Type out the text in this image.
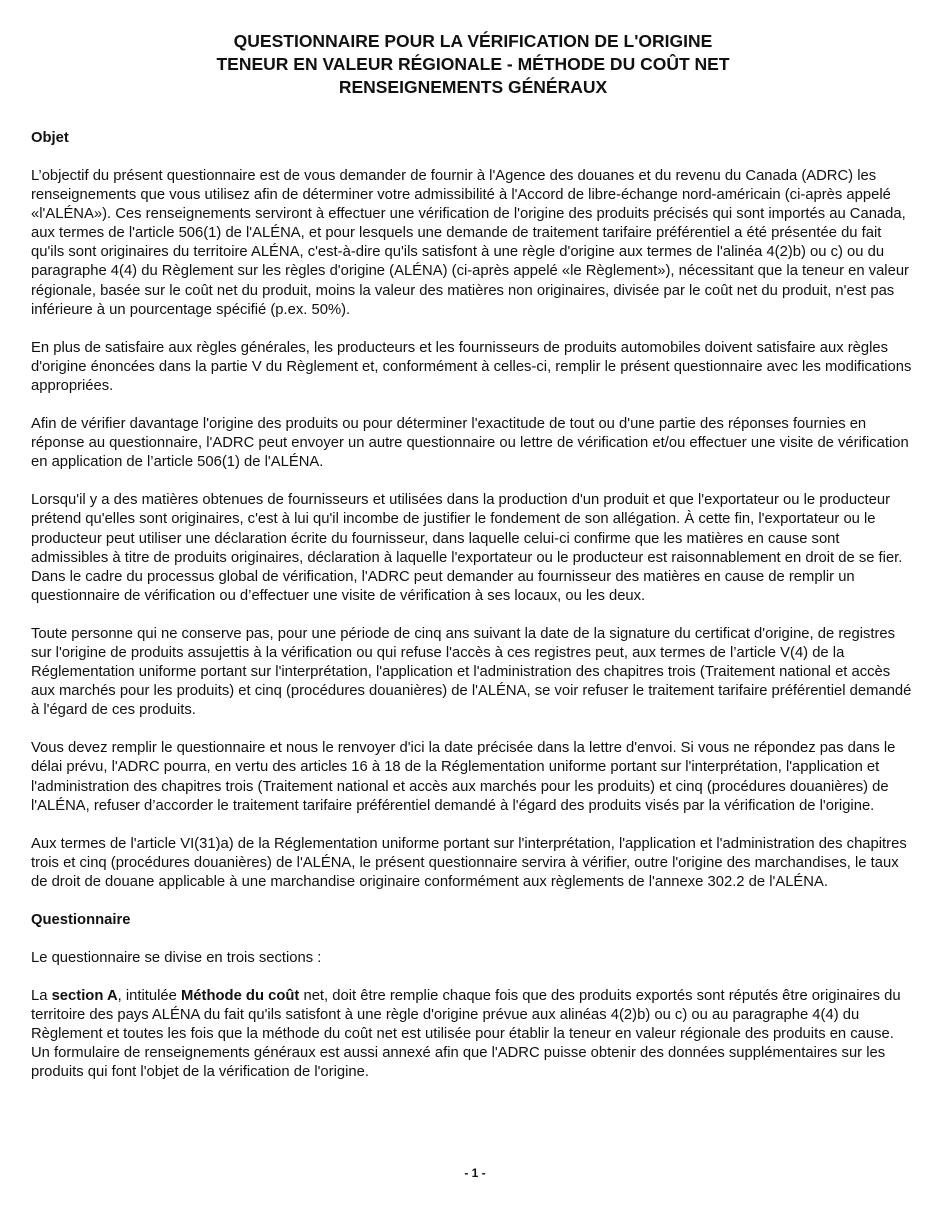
QUESTIONNAIRE POUR LA VÉRIFICATION DE L'ORIGINE
TENEUR EN VALEUR RÉGIONALE - MÉTHODE DU COÛT NET
RENSEIGNEMENTS GÉNÉRAUX
Objet

L’objectif du présent questionnaire est de vous demander de fournir à l'Agence des douanes et du revenu du Canada (ADRC) les renseignements que vous utilisez afin de déterminer votre admissibilité à l'Accord de libre-échange nord-américain (ci-après appelé «l'ALÉNA»). Ces renseignements serviront à effectuer une vérification de l'origine des produits précisés qui sont importés au Canada, aux termes de l'article 506(1) de l'ALÉNA, et pour lesquels une demande de traitement tarifaire préférentiel a été présentée du fait qu'ils sont originaires du territoire ALÉNA, c'est-à-dire qu'ils satisfont à une règle d'origine aux termes de l'alinéa 4(2)b) ou c) ou du paragraphe 4(4) du Règlement sur les règles d'origine (ALÉNA) (ci-après appelé «le Règlement»), nécessitant que la teneur en valeur régionale, basée sur le coût net du produit, moins la valeur des matières non originaires, divisée par le coût net du produit, n'est pas inférieure à un pourcentage spécifié (p.ex. 50%).

En plus de satisfaire aux règles générales, les producteurs et les fournisseurs de produits automobiles doivent satisfaire aux règles d'origine énoncées dans la partie V du Règlement et, conformément à celles-ci, remplir le présent questionnaire avec les modifications appropriées.

Afin de vérifier davantage l'origine des produits ou pour déterminer l'exactitude de tout ou d'une partie des réponses fournies en réponse au questionnaire, l'ADRC peut envoyer un autre questionnaire ou lettre de vérification et/ou effectuer une visite de vérification en application de l’article 506(1) de l'ALÉNA.

Lorsqu'il y a des matières obtenues de fournisseurs et utilisées dans la production d'un produit et que l'exportateur ou le producteur prétend qu'elles sont originaires, c'est à lui qu'il incombe de justifier le fondement de son allégation. À cette fin, l'exportateur ou le producteur peut utiliser une déclaration écrite du fournisseur, dans laquelle celui-ci confirme que les matières en cause sont admissibles à titre de produits originaires, déclaration à laquelle l'exportateur ou le producteur est raisonnablement en droit de se fier. Dans le cadre du processus global de vérification, l'ADRC peut demander au fournisseur des matières en cause de remplir un questionnaire de vérification ou d’effectuer une visite de vérification à ses locaux, ou les deux.

Toute personne qui ne conserve pas, pour une période de cinq ans suivant la date de la signature du certificat d'origine, de registres sur l'origine de produits assujettis à la vérification ou qui refuse l'accès à ces registres peut, aux termes de l’article V(4) de la Réglementation uniforme portant sur l'interprétation, l'application et l'administration des chapitres trois (Traitement national et accès aux marchés pour les produits) et cinq (procédures douanières) de l'ALÉNA, se voir refuser le traitement tarifaire préférentiel demandé à l'égard de ces produits.

Vous devez remplir le questionnaire et nous le renvoyer d'ici la date précisée dans la lettre d'envoi. Si vous ne répondez pas dans le délai prévu, l'ADRC pourra, en vertu des articles 16 à 18 de la Réglementation uniforme portant sur l'interprétation, l'application et l'administration des chapitres trois (Traitement national et accès aux marchés pour les produits) et cinq (procédures douanières) de l'ALÉNA, refuser d’accorder le traitement tarifaire préférentiel demandé à l'égard des produits visés par la vérification de l'origine.

Aux termes de l'article VI(31)a) de la Réglementation uniforme portant sur l'interprétation, l'application et l'administration des chapitres trois et cinq (procédures douanières) de l'ALÉNA, le présent questionnaire servira à vérifier, outre l'origine des marchandises, le taux de droit de douane applicable à une marchandise originaire conformément aux règlements de l'annexe 302.2 de l'ALÉNA.

Questionnaire

Le questionnaire se divise en trois sections :

La section A, intitulée Méthode du coût net, doit être remplie chaque fois que des produits exportés sont réputés être originaires du territoire des pays ALÉNA du fait qu'ils satisfont à une règle d'origine prévue aux alinéas 4(2)b) ou c) ou au paragraphe 4(4) du Règlement et toutes les fois que la méthode du coût net est utilisée pour établir la teneur en valeur régionale des produits en cause. Un formulaire de renseignements généraux est aussi annexé afin que l'ADRC puisse obtenir des données supplémentaires sur les produits qui font l'objet de la vérification de l'origine.

- 1 -
